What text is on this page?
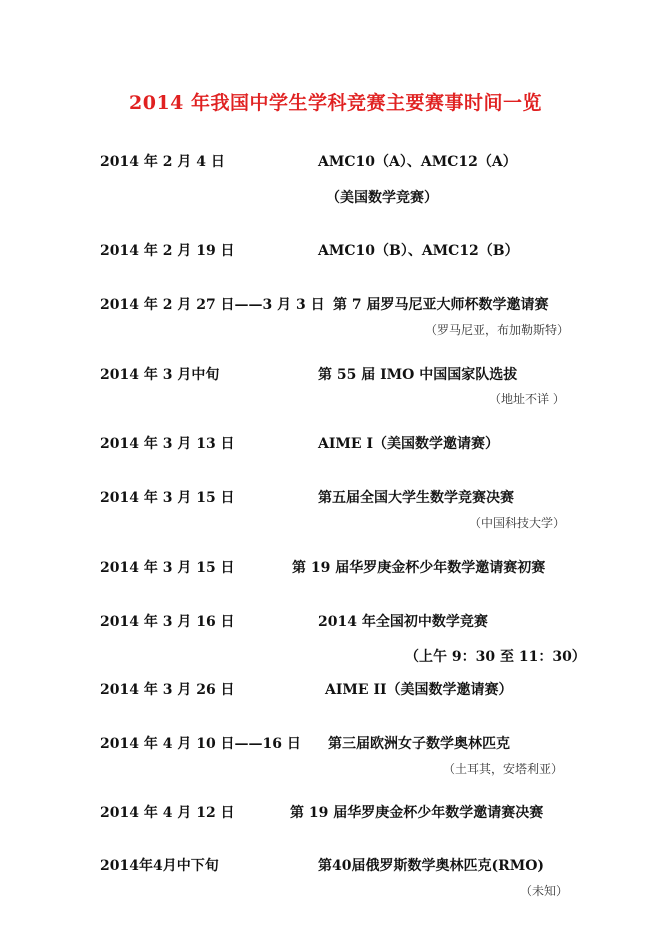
2014 年我国中学生学科竞赛主要赛事时间一览
2014 年 2 月 4 日	AMC10（A）、AMC12（A）
（美国数学竞赛）
2014 年 2 月 19 日	AMC10（B）、AMC12（B）
2014 年 2 月 27 日——3 月 3 日 第 7 届罗马尼亚大师杯数学邀请赛
（罗马尼亚，布加勒斯特）
2014 年 3 月中旬	第 55 届 IMO 中国国家队选拔
（地址不详 ）
2014 年 3 月 13 日	AIME I（美国数学邀请赛）
2014 年 3 月 15 日	第五届全国大学生数学竞赛决赛
（中国科技大学）
2014 年 3 月 15 日	第 19 届华罗庚金杯少年数学邀请赛初赛
2014 年 3 月 16 日	2014 年全国初中数学竞赛
（上午 9：30 至 11：30）
2014 年 3 月 26 日	AIME II（美国数学邀请赛）
2014 年 4 月 10 日——16 日 第三届欧洲女子数学奥林匹克
（土耳其，安塔利亚）
2014 年 4 月 12 日	第 19 届华罗庚金杯少年数学邀请赛决赛
2014年4月中下旬	第40届俄罗斯数学奥林匹克(RMO)
（未知）
